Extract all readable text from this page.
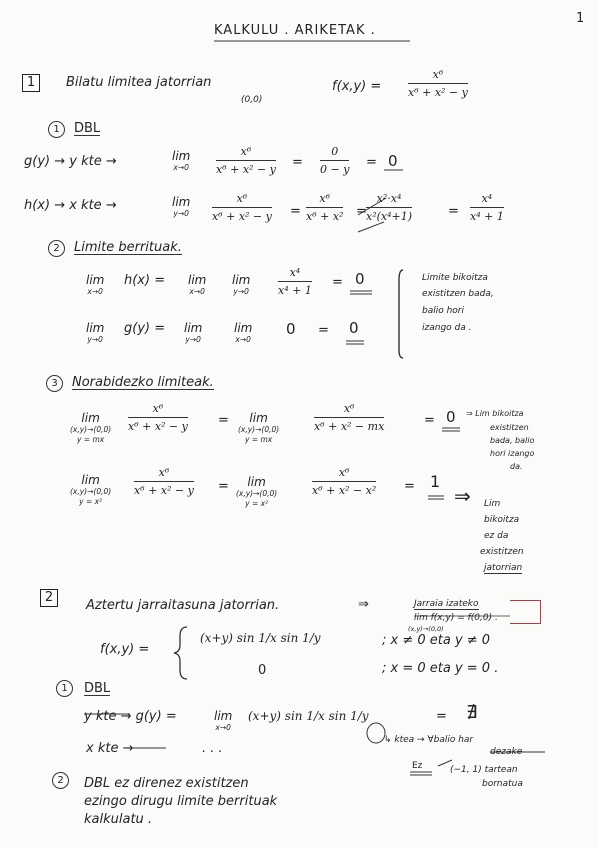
KALKULU . ARIKETAK .
1
1	Bilatu limitea jatorrian
(0,0)
$f(x,y) = \frac{\text{x⁶}}{\text{x⁶ + x² − y}}$
1	DBL
g(y) → y kte →	lim
$x\to 0 \frac{\text{x⁶}}{\text{x⁶ + x² − y}} = \frac{0}{0 - y} = 0$
h(x) → x kte →	lim
$y\to 0 \frac{\text{x⁶}}{\text{x⁶ + x² − y}} = \frac{\text{x⁶}}{\text{x⁶ + x²}} = \frac{\text{x²·x⁴}}{\text{x²(x⁴+1)}}$	= $\frac{\text{x⁴}}{\text{x⁴ + 1}}$
2	Limite berrituak.
lim
x→0
h(x) = lim
x→0
lim
y→0	$\frac{\text{x⁴}}{\text{x⁴ + 1}} = 0$
lim
y→0
g(y) = lim
y→0
lim
x→0
0 = 0
Limite bikoitza
existitzen bada,
balio hori
izango da .
3	Norabidezko limiteak.
lim
(x,y)→(0,0)
y = mx
$\frac{\text{x⁶}}{\text{x⁶ + x² − y}}$ =	lim
(x,y)→(0,0)
y = mx
$\frac{\text{x⁶}}{\text{x⁶ + x² − mx}}$	= 0 ⇒ Lim bikoitza
existitzen
bada, balio
hori izango
da.
lim
(x,y)→(0,0)
y = x²
$\frac{\text{x⁶}}{\text{x⁶ + x² − y}}$ =	lim
(x,y)→(0,0)
y = x²
$\frac{\text{x⁶}}{\text{x⁶ + x² − x²}} = 1$
⇒ Lim
bikoitza
ez da
existitzen
jatorrian
2
Aztertu jarraitasuna jatorrian.	⇒	Jarraia izateko
lim f(x,y) = f(0,0) .
(x,y)→(0,0)
f(x,y) =
(x+y) sin 1/x sin 1/y	; x ≠ 0 eta y ≠ 0
0	; x = 0 eta y = 0 .
1	DBL
y kte → g(y) =	lim
x→0
(x+y) sin 1/x sin 1/y	= ∄
x kte →	. . .
↳ ktea → ∀balio har
dezake
Ez	(−1, 1) tartean
bornatua
2	DBL ez direnez existitzen
ezingo dirugu limite berrituak
kalkulatu .
